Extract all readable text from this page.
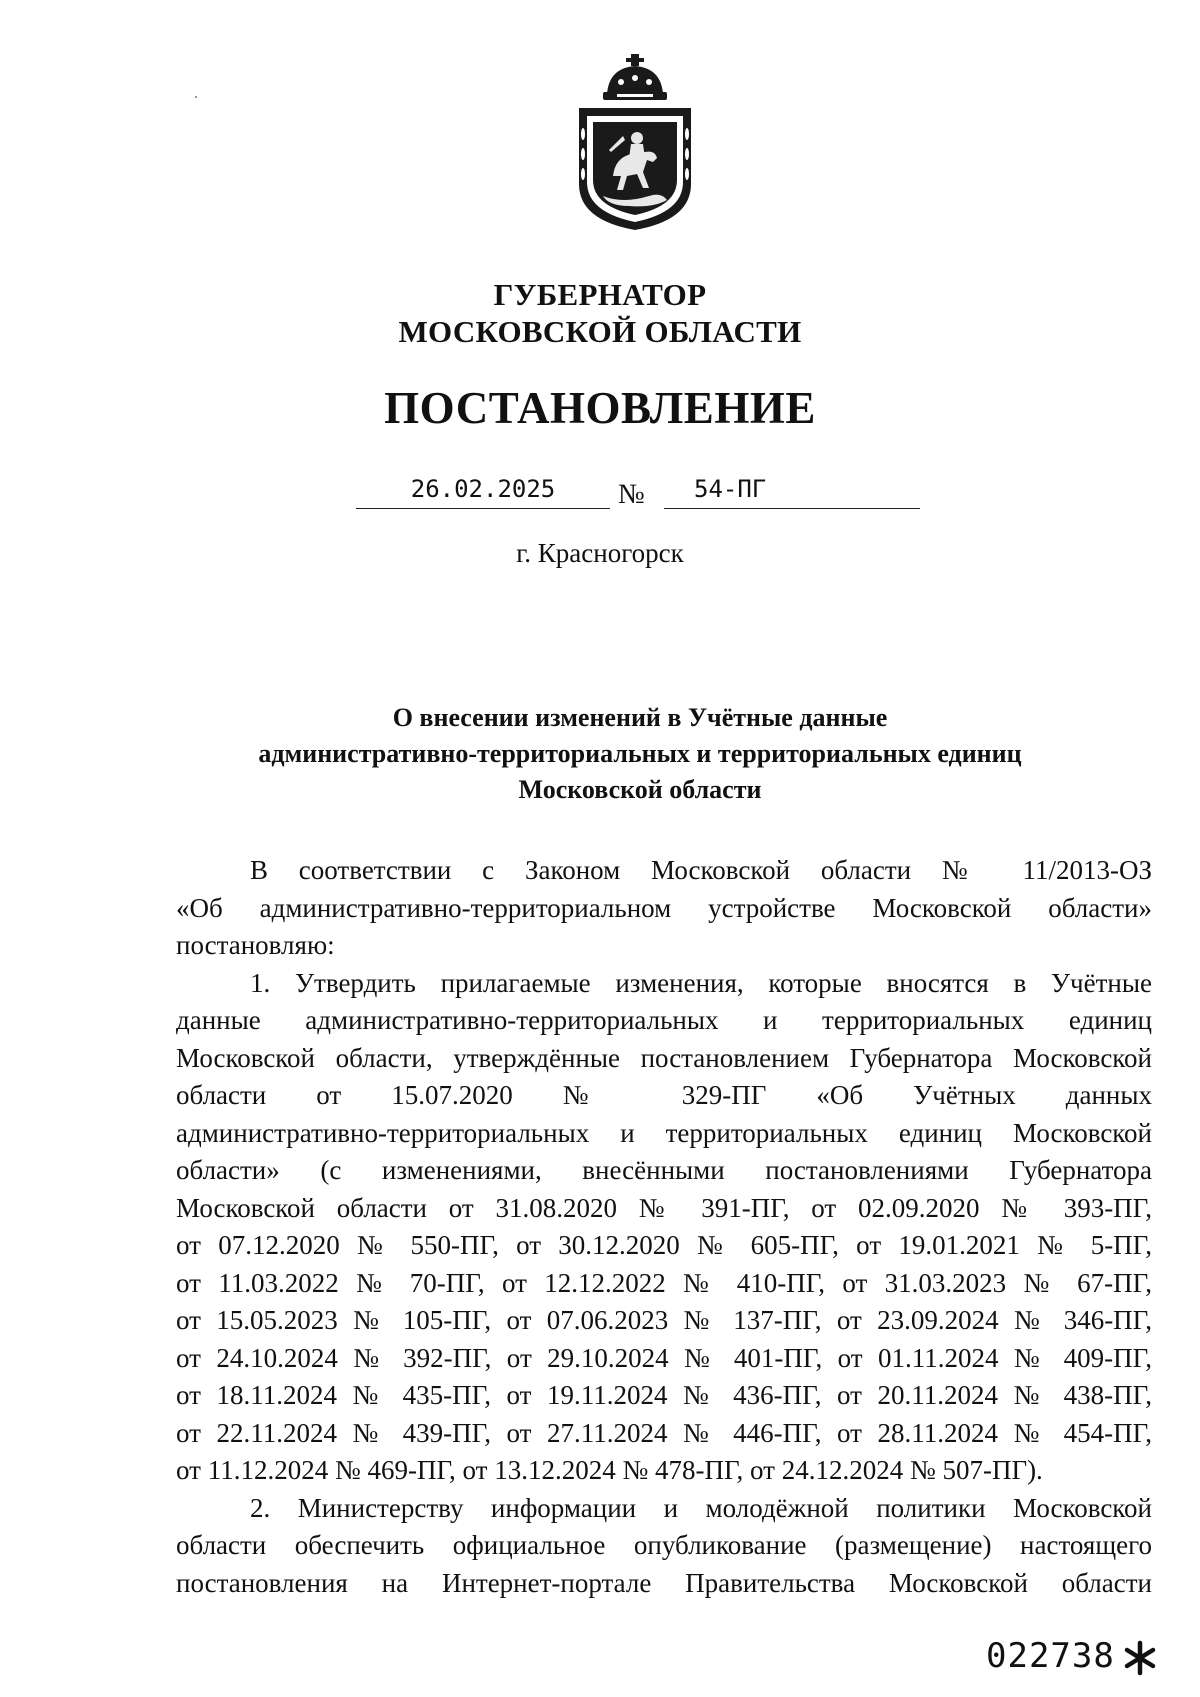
ГУБЕРНАТОР
МОСКОВСКОЙ ОБЛАСТИ
ПОСТАНОВЛЕНИЕ
26.02.2025	№ 54-ПГ
г. Красногорск
О внесении изменений в Учётные данные
административно-территориальных и территориальных единиц
Московской области
В соответствии с Законом Московской области № 11/2013-ОЗ
«Об административно-территориальном устройстве Московской области»
постановляю:
1. Утвердить прилагаемые изменения, которые вносятся в Учётные
данные административно-территориальных и территориальных единиц
Московской области, утверждённые постановлением Губернатора Московской
области от 15.07.2020 № 329-ПГ «Об Учётных данных
административно-территориальных и территориальных единиц Московской
области» (с изменениями, внесёнными постановлениями Губернатора
Московской области от 31.08.2020 № 391-ПГ, от 02.09.2020 № 393-ПГ,
от 07.12.2020 № 550-ПГ, от 30.12.2020 № 605-ПГ, от 19.01.2021 № 5-ПГ,
от 11.03.2022 № 70-ПГ, от 12.12.2022 № 410-ПГ, от 31.03.2023 № 67-ПГ,
от 15.05.2023 № 105-ПГ, от 07.06.2023 № 137-ПГ, от 23.09.2024 № 346-ПГ,
от 24.10.2024 № 392-ПГ, от 29.10.2024 № 401-ПГ, от 01.11.2024 № 409-ПГ,
от 18.11.2024 № 435-ПГ, от 19.11.2024 № 436-ПГ, от 20.11.2024 № 438-ПГ,
от 22.11.2024 № 439-ПГ, от 27.11.2024 № 446-ПГ, от 28.11.2024 № 454-ПГ,
от 11.12.2024 № 469-ПГ, от 13.12.2024 № 478-ПГ, от 24.12.2024 № 507-ПГ).
2. Министерству информации и молодёжной политики Московской
области обеспечить официальное опубликование (размещение) настоящего
постановления на Интернет-портале Правительства Московской области
022738
